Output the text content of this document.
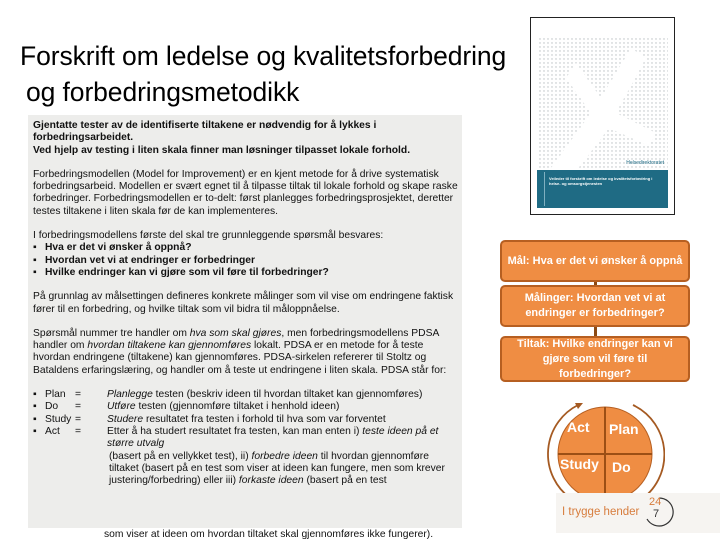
Forskrift om ledelse og kvalitetsforbedring
og forbedringsmetodikk

Gjentatte tester av de identifiserte tiltakene er nødvendig for å lykkes i forbedringsarbeidet.

Ved hjelp av testing i liten skala finner man løsninger tilpasset lokale forhold.

Forbedringsmodellen (Model for Improvement) er en kjent metode for å drive systematisk forbedringsarbeid. Modellen er svært egnet til å tilpasse tiltak til lokale forhold og skape raske forbedringer. Forbedringsmodellen er to-delt: først planlegges forbedringsprosjektet, deretter testes tiltakene i liten skala før de kan implementeres.

I forbedringsmodellens første del skal tre grunnleggende spørsmål besvares:

▪ Hva er det vi ønsker å oppnå?
▪ Hvordan vet vi at endringer er forbedringer
▪ Hvilke endringer kan vi gjøre som vil føre til forbedringer?

På grunnlag av målsettingen defineres konkrete målinger som vil vise om endringene faktisk fører til en forbedring, og hvilke tiltak som vil bidra til måloppnåelse.

Spørsmål nummer tre handler om hva som skal gjøres, men forbedringsmodellens PDSA handler om hvordan tiltakene kan gjennomføres lokalt. PDSA er en metode for å teste hvordan endringene (tiltakene) kan gjennomføres. PDSA-sirkelen refererer til Stoltz og Bataldens erfaringslæring, og handler om å teste ut endringene i liten skala. PDSA står for:

▪ Plan =	Planlegge testen (beskriv ideen til hvordan tiltaket kan gjennomføres)
▪ Do	=	Utføre testen (gjennomføre tiltaket i henhold ideen)
▪ Study =	Studere resultatet fra testen i forhold til hva som var forventet
▪ Act	=	Etter å ha studert resultatet fra testen, kan man enten i) teste ideen på et større utvalg
(basert på en vellykket test), ii) forbedre ideen til hvordan gjennomføre tiltaket (basert på en test som viser at ideen kan fungere, men som krever justering/forbedring) eller iii) forkaste ideen (basert på en test
som viser at ideen om hvordan tiltaket skal gjennomføres ikke fungerer).
Helsedirektoratet
Veileder til forskrift om ledelse og kvalitetsforbedring i helse- og omsorgstjenesten
Mål: Hva er det vi ønsker å oppnå
Målinger: Hvordan vet vi at endringer er forbedringer?
Tiltak: Hvilke endringer kan vi gjøre som vil føre til forbedringer?
Act Plan
Study Do
I trygge hender
24
7
